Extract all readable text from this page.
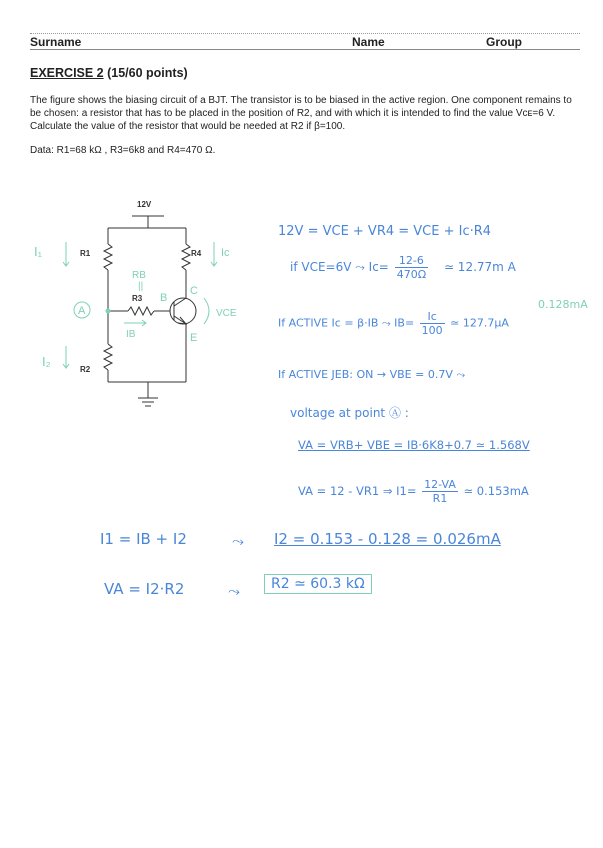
Surname	Name	Group
EXERCISE 2 (15/60 points)

The figure shows the biasing circuit of a BJT. The transistor is to be biased in the active region. One component remains to be chosen: a resistor that has to be placed in the position of R2, and with which it is intended to find the value Vᴄᴇ=6 V. Calculate the value of the resistor that would be needed at R2 if β=100.

Data: R1=68 kΩ , R3=6k8 and R4=470 Ω.

12V
R1	R4
R3
R2
I₁
I₂
Ic
RB
||
IB
A
B
C
E
VCE
12V = VCE + VR4 = VCE + Ic·R4
if VCE=6V ⤳ $Ic= \frac{12-6}{470\Omega}$ ≃ 12.77m A
0.128mA
If ACTIVE Ic = β·IB ⤳ $IB= \frac{Ic}{100}$ ≃ 127.7μA
If ACTIVE JEB: ON → VBE = 0.7V ⤳
voltage at point Ⓐ :
VA = VRB+ VBE = IB·6K8+0.7 ≃ 1.568V
VA = 12 - VR1 ⇒ $I1= \frac{12-VA}{R1}$ ≃ 0.153mA
I1 = IB + I2	⤳ I2 = 0.153 - 0.128 = 0.026mA
VA = I2·R2	⤳	R2 ≃ 60.3 kΩ
